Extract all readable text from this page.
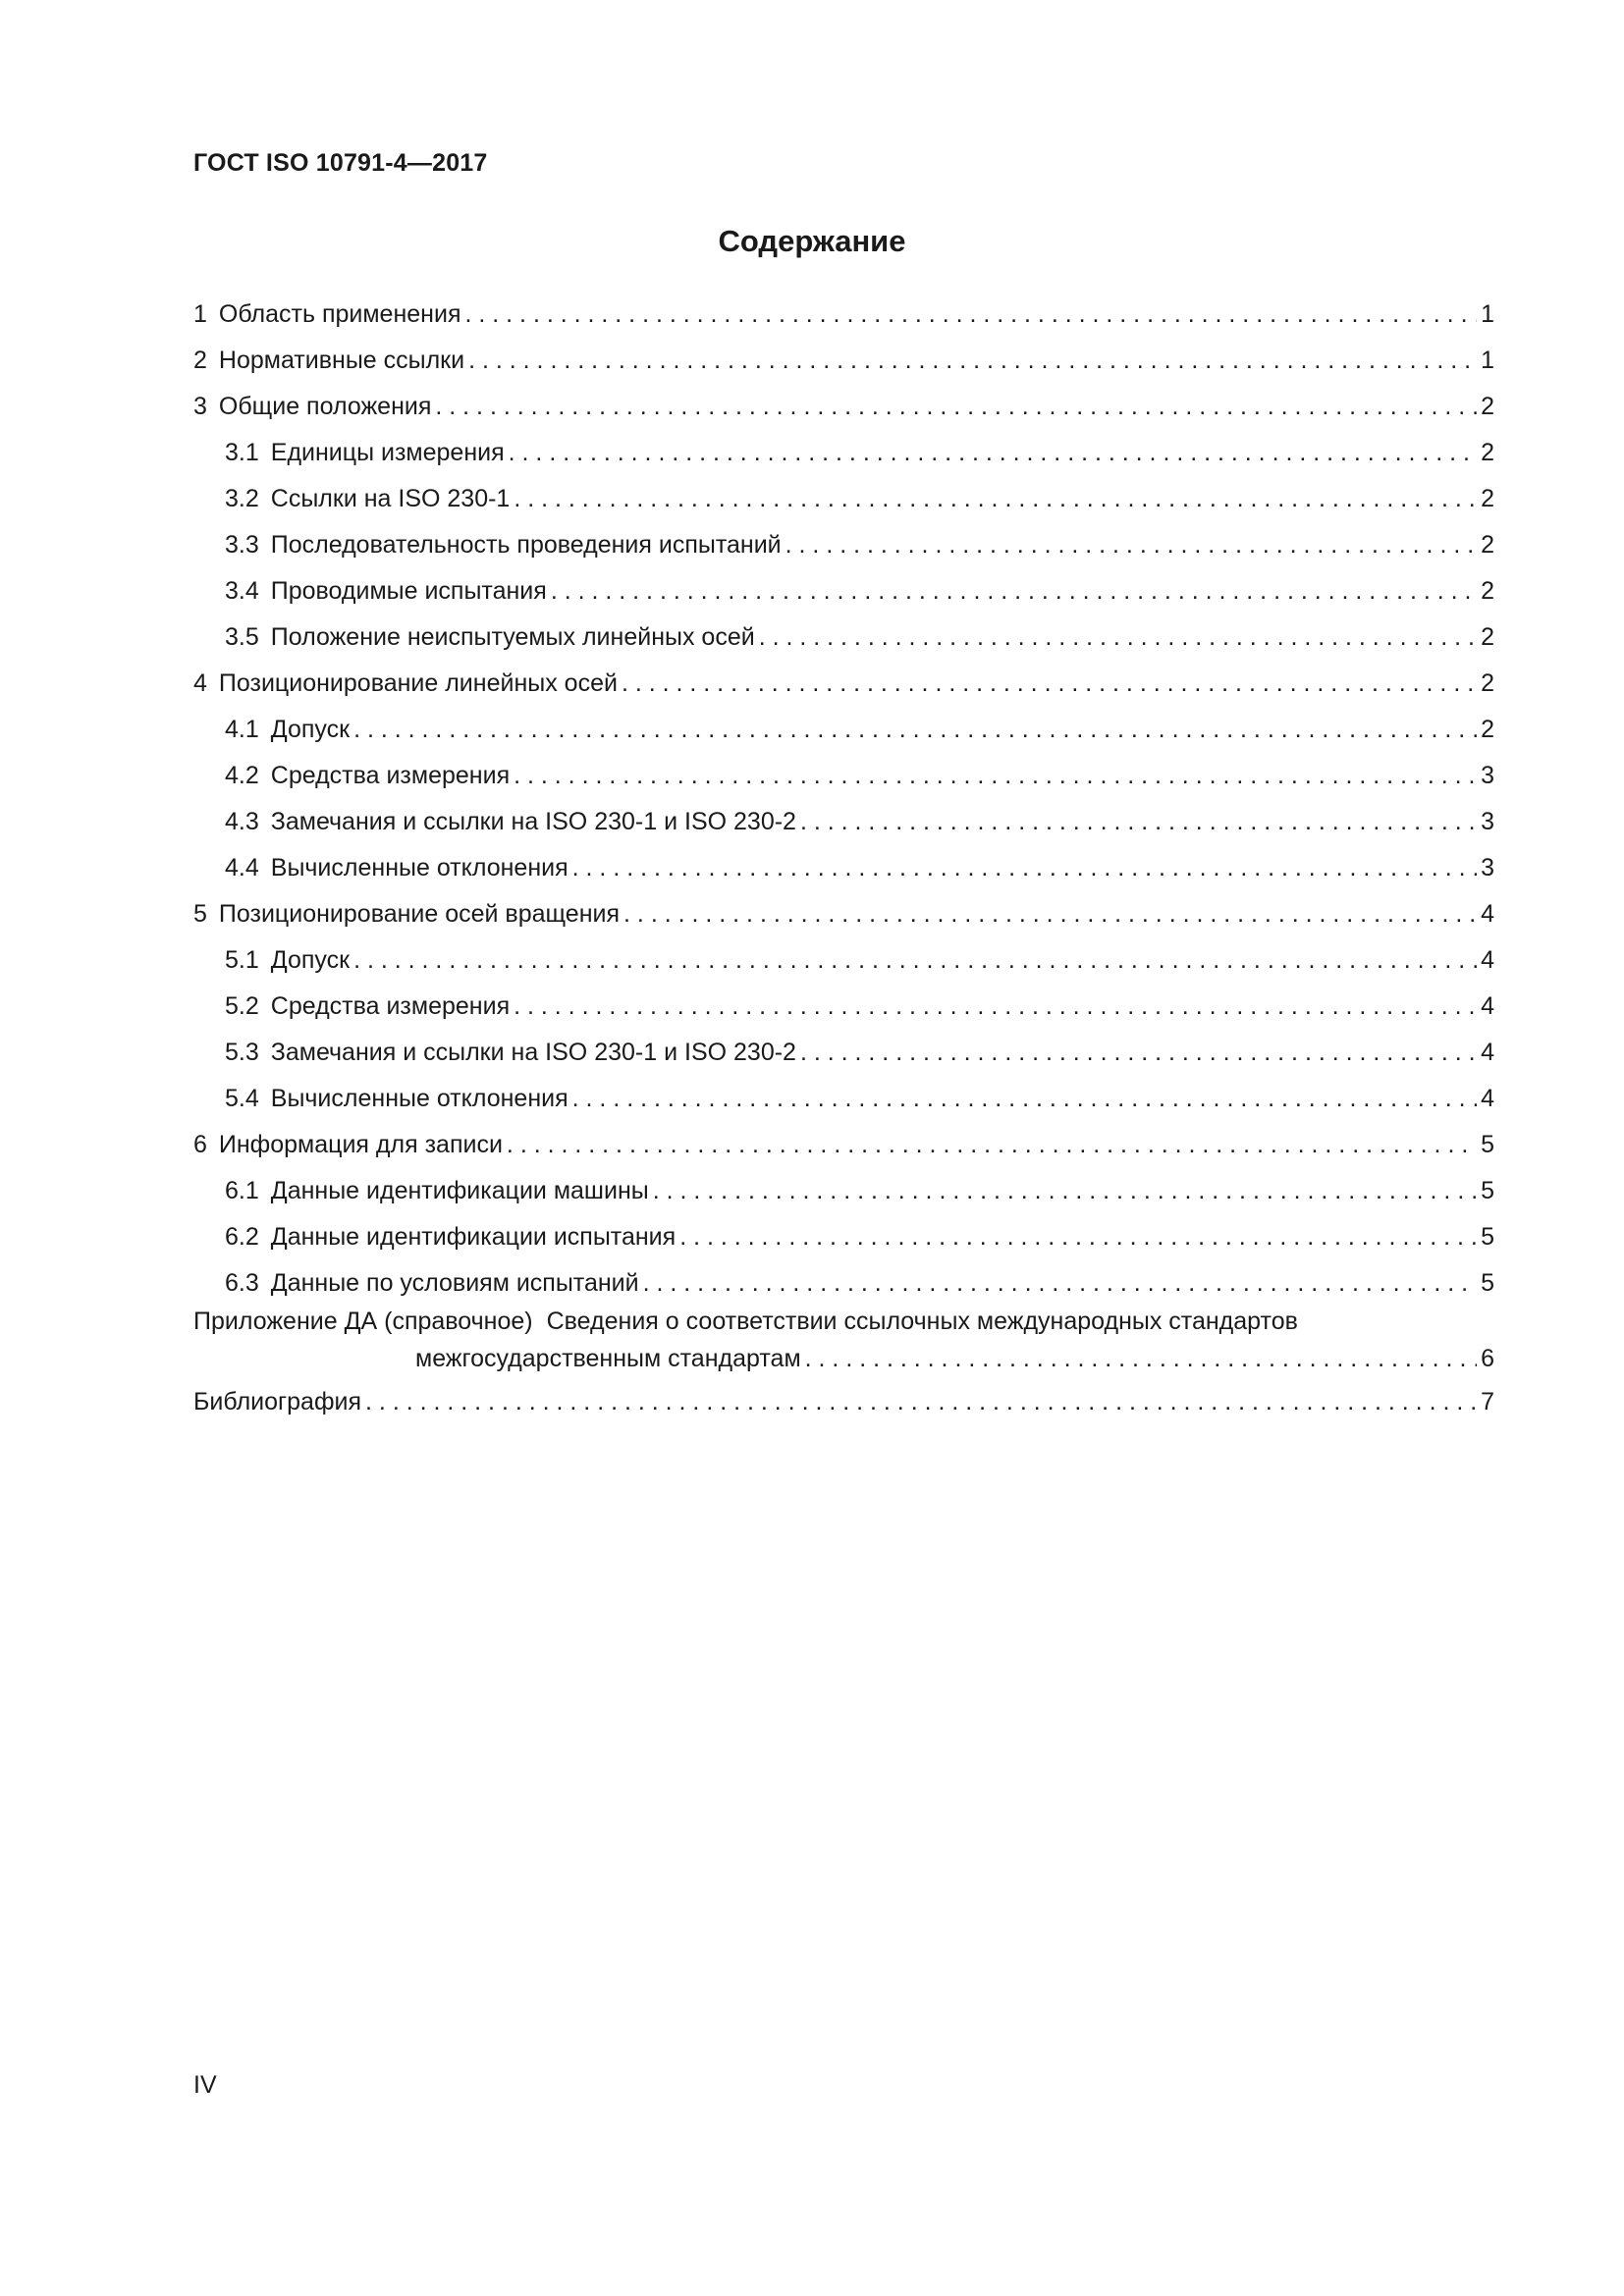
ГОСТ ISO 10791-4—2017
Содержание
1 Область применения . . .	1
2 Нормативные ссылки . . .	1
3 Общие положения . . .	2
3.1 Единицы измерения . . .	2
3.2 Ссылки на ISO 230-1 . . .	2
3.3 Последовательность проведения испытаний . . .	2
3.4 Проводимые испытания . . .	2
3.5 Положение неиспытуемых линейных осей . . .	2
4 Позиционирование линейных осей . . .	2
4.1 Допуск . . .	2
4.2 Средства измерения . . .	3
4.3 Замечания и ссылки на ISO 230-1 и ISO 230-2 . . .	3
4.4 Вычисленные отклонения . . .	3
5 Позиционирование осей вращения . . .	4
5.1 Допуск . . .	4
5.2 Средства измерения . . .	4
5.3 Замечания и ссылки на ISO 230-1 и ISO 230-2 . . .	4
5.4 Вычисленные отклонения . . .	4
6 Информация для записи . . .	5
6.1 Данные идентификации машины . . .	5
6.2 Данные идентификации испытания . . .	5
6.3 Данные по условиям испытаний . . .	5
Приложение ДА (справочное) Сведения о соответствии ссылочных международных стандартов
межгосударственным стандартам . . .	6
Библиография . . .	7
IV
